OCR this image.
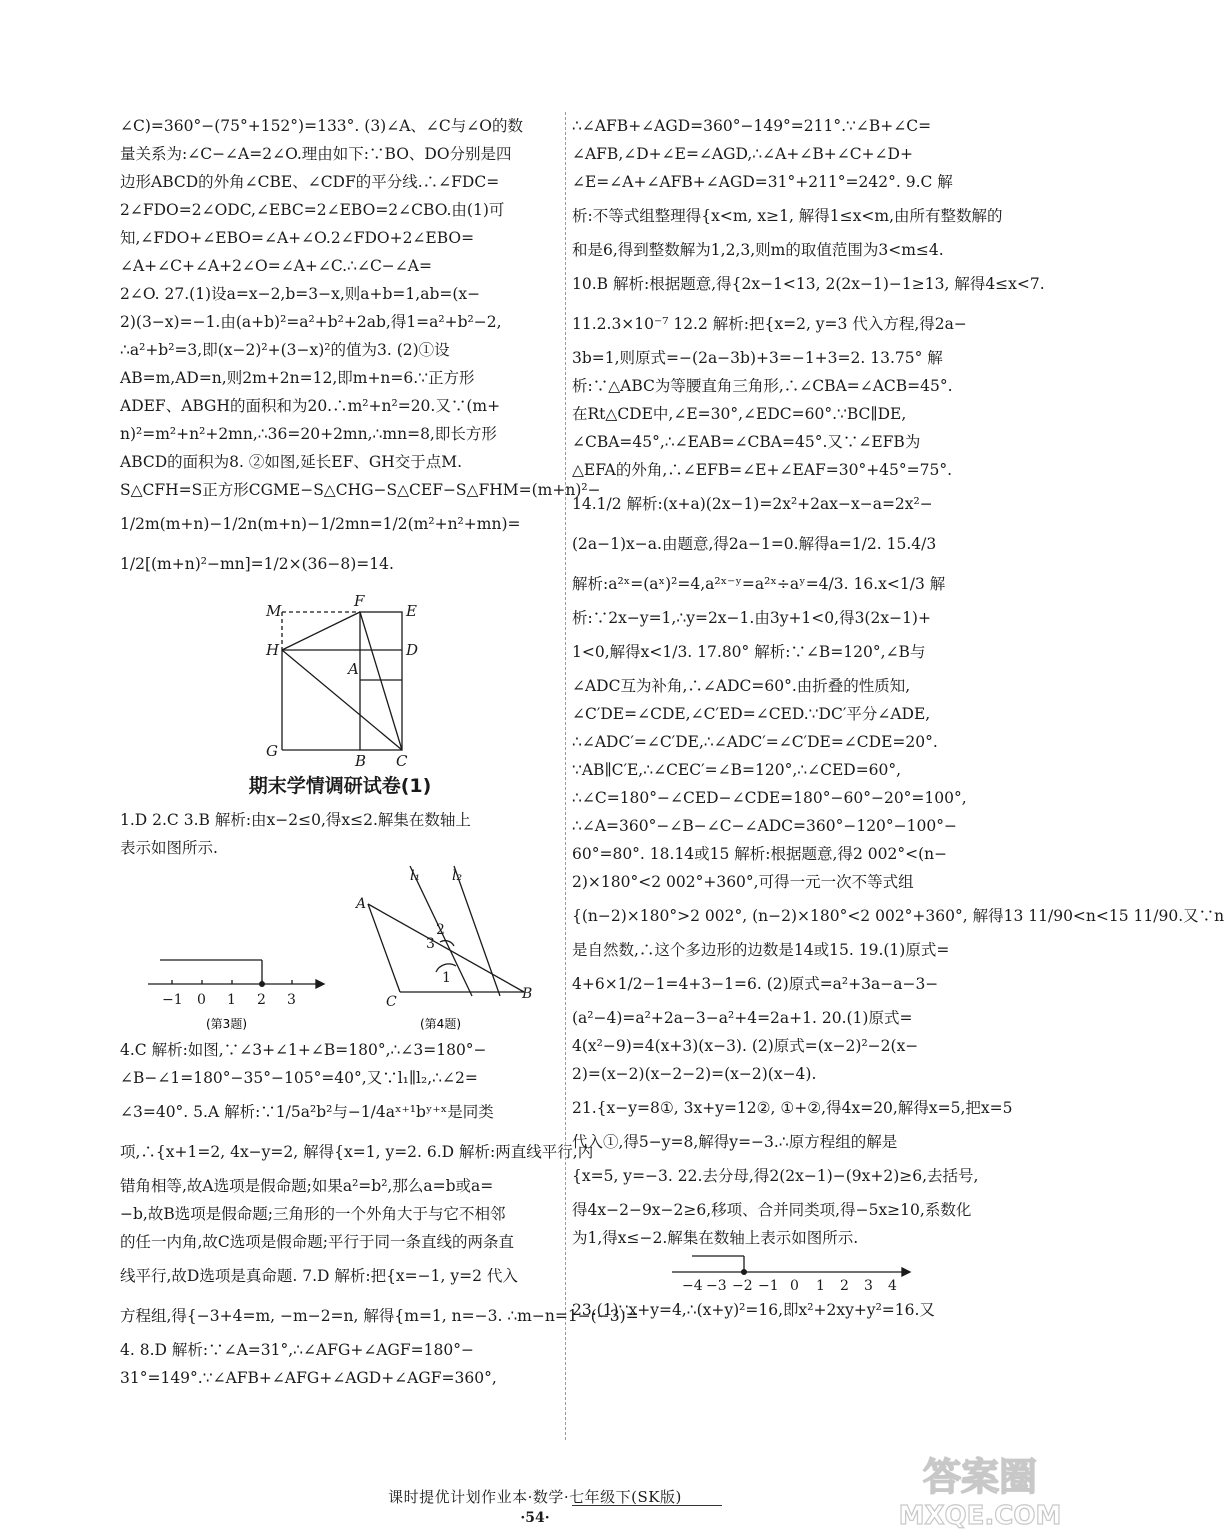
∠C)=360°−(75°+152°)=133°. (3)∠A、∠C与∠O的数
量关系为:∠C−∠A=2∠O.理由如下:∵BO、DO分别是四
边形ABCD的外角∠CBE、∠CDF的平分线.∴∠FDC=
2∠FDO=2∠ODC,∠EBC=2∠EBO=2∠CBO.由(1)可
知,∠FDO+∠EBO=∠A+∠O.2∠FDO+2∠EBO=
∠A+∠C+∠A+2∠O=∠A+∠C.∴∠C−∠A=
2∠O. 27.(1)设a=x−2,b=3−x,则a+b=1,ab=(x−
2)(3−x)=−1.由(a+b)²=a²+b²+2ab,得1=a²+b²−2,
∴a²+b²=3,即(x−2)²+(3−x)²的值为3. (2)①设
AB=m,AD=n,则2m+2n=12,即m+n=6.∵正方形
ADEF、ABGH的面积和为20.∴m²+n²=20.又∵(m+
n)²=m²+n²+2mn,∴36=20+2mn,∴mn=8,即长方形
ABCD的面积为8. ②如图,延长EF、GH交于点M.
S△CFH=S正方形CGME−S△CHG−S△CEF−S△FHM=(m+n)²−
1/2m(m+n)−1/2n(m+n)−1/2mn=1/2(m²+n²+mn)=
1/2[(m+n)²−mn]=1/2×(36−8)=14.
M
F
E
H
A
D
G
B C
期末学情调研试卷(1)
1.D 2.C 3.B 解析:由x−2≤0,得x≤2.解集在数轴上
表示如图所示.
−1 0 1 2 3
(第3题)
A
l₁ l₂
2
3
1
C	B
(第4题)
4.C 解析:如图,∵∠3+∠1+∠B=180°,∴∠3=180°−
∠B−∠1=180°−35°−105°=40°,又∵l₁∥l₂,∴∠2=
∠3=40°. 5.A 解析:∵1/5a²b²与−1/4aˣ⁺¹bʸ⁺ˣ是同类
项,∴{x+1=2, 4x−y=2, 解得{x=1, y=2. 6.D 解析:两直线平行,内
错角相等,故A选项是假命题;如果a²=b²,那么a=b或a=
−b,故B选项是假命题;三角形的一个外角大于与它不相邻
的任一内角,故C选项是假命题;平行于同一条直线的两条直
线平行,故D选项是真命题. 7.D 解析:把{x=−1, y=2 代入
方程组,得{−3+4=m, −m−2=n, 解得{m=1, n=−3. ∴m−n=1−(−3)=
4. 8.D 解析:∵∠A=31°,∴∠AFG+∠AGF=180°−
31°=149°.∵∠AFB+∠AFG+∠AGD+∠AGF=360°,
∴∠AFB+∠AGD=360°−149°=211°.∵∠B+∠C=
∠AFB,∠D+∠E=∠AGD,∴∠A+∠B+∠C+∠D+
∠E=∠A+∠AFB+∠AGD=31°+211°=242°. 9.C 解
析:不等式组整理得{x<m, x≥1, 解得1≤x<m,由所有整数解的
和是6,得到整数解为1,2,3,则m的取值范围为3<m≤4.
10.B 解析:根据题意,得{2x−1<13, 2(2x−1)−1≥13, 解得4≤x<7.
11.2.3×10⁻⁷ 12.2 解析:把{x=2, y=3 代入方程,得2a−
3b=1,则原式=−(2a−3b)+3=−1+3=2. 13.75° 解
析:∵△ABC为等腰直角三角形,∴∠CBA=∠ACB=45°.
在Rt△CDE中,∠E=30°,∠EDC=60°.∵BC∥DE,
∠CBA=45°,∴∠EAB=∠CBA=45°.又∵∠EFB为
△EFA的外角,∴∠EFB=∠E+∠EAF=30°+45°=75°.
14.1/2 解析:(x+a)(2x−1)=2x²+2ax−x−a=2x²−
(2a−1)x−a.由题意,得2a−1=0.解得a=1/2. 15.4/3
解析:a²ˣ=(aˣ)²=4,a²ˣ⁻ʸ=a²ˣ÷aʸ=4/3. 16.x<1/3 解
析:∵2x−y=1,∴y=2x−1.由3y+1<0,得3(2x−1)+
1<0,解得x<1/3. 17.80° 解析:∵∠B=120°,∠B与
∠ADC互为补角,∴∠ADC=60°.由折叠的性质知,
∠C′DE=∠CDE,∠C′ED=∠CED.∵DC′平分∠ADE,
∴∠ADC′=∠C′DE,∴∠ADC′=∠C′DE=∠CDE=20°.
∵AB∥C′E,∴∠CEC′=∠B=120°,∴∠CED=60°,
∴∠C=180°−∠CED−∠CDE=180°−60°−20°=100°,
∴∠A=360°−∠B−∠C−∠ADC=360°−120°−100°−
60°=80°. 18.14或15 解析:根据题意,得2 002°<(n−
2)×180°<2 002°+360°,可得一元一次不等式组
{(n−2)×180°>2 002°, (n−2)×180°<2 002°+360°, 解得13 11/90<n<15 11/90.又∵n
是自然数,∴这个多边形的边数是14或15. 19.(1)原式=
4+6×1/2−1=4+3−1=6. (2)原式=a²+3a−a−3−
(a²−4)=a²+2a−3−a²+4=2a+1. 20.(1)原式=
4(x²−9)=4(x+3)(x−3). (2)原式=(x−2)²−2(x−
2)=(x−2)(x−2−2)=(x−2)(x−4).
21.{x−y=8①, 3x+y=12②, ①+②,得4x=20,解得x=5,把x=5
代入①,得5−y=8,解得y=−3.∴原方程组的解是
{x=5, y=−3. 22.去分母,得2(2x−1)−(9x+2)≥6,去括号,
得4x−2−9x−2≥6,移项、合并同类项,得−5x≥10,系数化
为1,得x≤−2.解集在数轴上表示如图所示.
−4 −3 −2 −1 0 1 2 3 4
23.(1)∵x+y=4,∴(x+y)²=16,即x²+2xy+y²=16.又
课时提优计划作业本·数学·七年级下(SK版)
·54·
答案圈
MXQE.COM
